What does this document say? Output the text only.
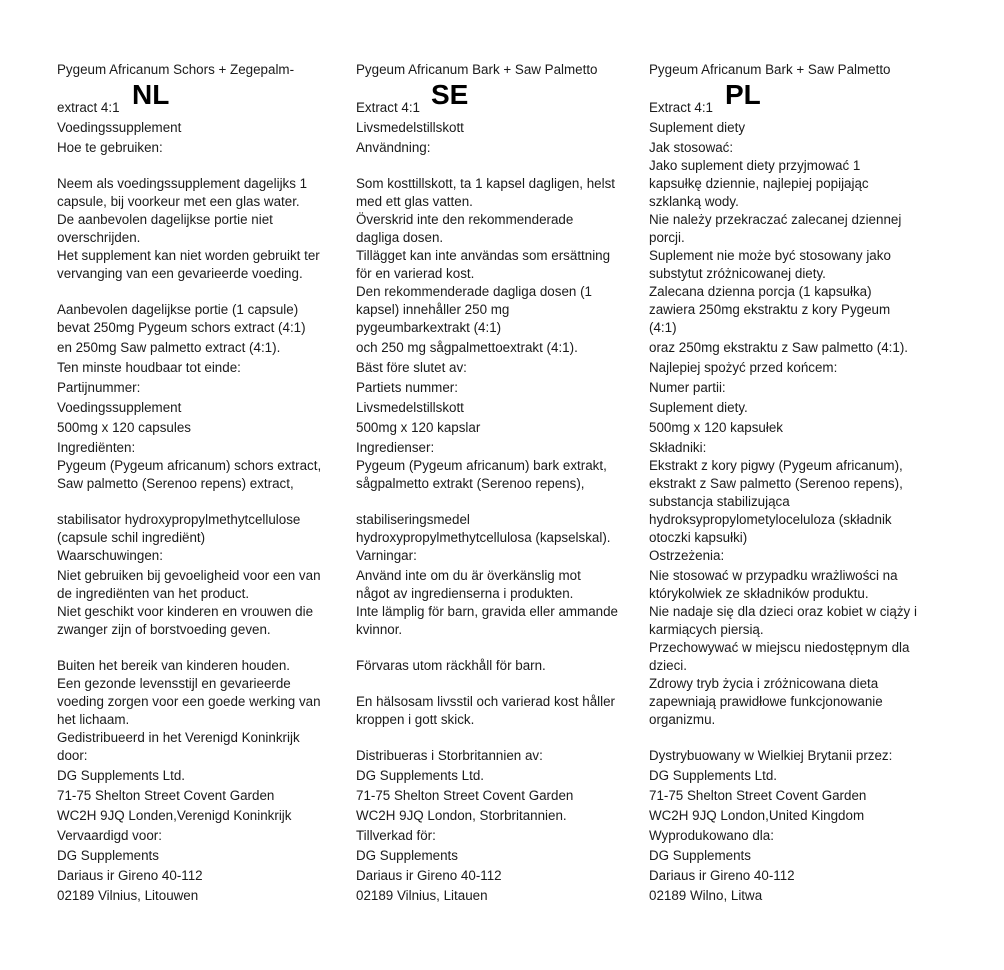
NL
Pygeum Africanum Schors + Zegepalm-
extract 4:1
Voedingssupplement
Hoe te gebruiken:
Neem als voedingssupplement dagelijks 1
capsule, bij voorkeur met een glas water.
De aanbevolen dagelijkse portie niet
overschrijden.
Het supplement kan niet worden gebruikt ter
vervanging van een gevarieerde voeding.
Aanbevolen dagelijkse portie (1 capsule)
bevat 250mg Pygeum schors extract (4:1)
en 250mg Saw palmetto extract (4:1).
Ten minste houdbaar tot einde:
Partijnummer:
Voedingssupplement
500mg x 120 capsules
Ingrediënten:
Pygeum (Pygeum africanum) schors extract,
Saw palmetto (Serenoo repens) extract,
stabilisator hydroxypropylmethytcellulose
(capsule schil ingrediënt)
Waarschuwingen:
Niet gebruiken bij gevoeligheid voor een van
de ingrediënten van het product.
Niet geschikt voor kinderen en vrouwen die
zwanger zijn of borstvoeding geven.
Buiten het bereik van kinderen houden.
Een gezonde levensstijl en gevarieerde
voeding zorgen voor een goede werking van
het lichaam.
Gedistribueerd in het Verenigd Koninkrijk
door:
DG Supplements Ltd.
71-75 Shelton Street Covent Garden
WC2H 9JQ Londen,Verenigd Koninkrijk
Vervaardigd voor:
DG Supplements
Dariaus ir Gireno 40-112
02189 Vilnius, Litouwen
SE
Pygeum Africanum Bark + Saw Palmetto
Extract 4:1
Livsmedelstillskott
Användning:
Som kosttillskott, ta 1 kapsel dagligen, helst
med ett glas vatten.
Överskrid inte den rekommenderade
dagliga dosen.
Tillägget kan inte användas som ersättning
för en varierad kost.
Den rekommenderade dagliga dosen (1
kapsel) innehåller 250 mg
pygeumbarkextrakt (4:1)
och 250 mg sågpalmettoextrakt (4:1).
Bäst före slutet av:
Partiets nummer:
Livsmedelstillskott
500mg x 120 kapslar
Ingredienser:
Pygeum (Pygeum africanum) bark extrakt,
sågpalmetto extrakt (Serenoo repens),
stabiliseringsmedel
hydroxypropylmethytcellulosa (kapselskal).
Varningar:
Använd inte om du är överkänslig mot
något av ingredienserna i produkten.
Inte lämplig för barn, gravida eller ammande
kvinnor.
Förvaras utom räckhåll för barn.
En hälsosam livsstil och varierad kost håller
kroppen i gott skick.
Distribueras i Storbritannien av:
DG Supplements Ltd.
71-75 Shelton Street Covent Garden
WC2H 9JQ London, Storbritannien.
Tillverkad för:
DG Supplements
Dariaus ir Gireno 40-112
02189 Vilnius, Litauen
PL
Pygeum Africanum Bark + Saw Palmetto
Extract 4:1
Suplement diety
Jak stosować:
Jako suplement diety przyjmować 1
kapsułkę dziennie, najlepiej popijając
szklanką wody.
Nie należy przekraczać zalecanej dziennej
porcji.
Suplement nie może być stosowany jako
substytut zróżnicowanej diety.
Zalecana dzienna porcja (1 kapsułka)
zawiera 250mg ekstraktu z kory Pygeum
(4:1)
oraz 250mg ekstraktu z Saw palmetto (4:1).
Najlepiej spożyć przed końcem:
Numer partii:
Suplement diety.
500mg x 120 kapsułek
Składniki:
Ekstrakt z kory pigwy (Pygeum africanum),
ekstrakt z Saw palmetto (Serenoo repens),
substancja stabilizująca
hydroksypropylometyloceluloza (składnik
otoczki kapsułki)
Ostrzeżenia:
Nie stosować w przypadku wrażliwości na
którykolwiek ze składników produktu.
Nie nadaje się dla dzieci oraz kobiet w ciąży i
karmiących piersią.
Przechowywać w miejscu niedostępnym dla
dzieci.
Zdrowy tryb życia i zróżnicowana dieta
zapewniają prawidłowe funkcjonowanie
organizmu.
Dystrybuowany w Wielkiej Brytanii przez:
DG Supplements Ltd.
71-75 Shelton Street Covent Garden
WC2H 9JQ London,United Kingdom
Wyprodukowano dla:
DG Supplements
Dariaus ir Gireno 40-112
02189 Wilno, Litwa
